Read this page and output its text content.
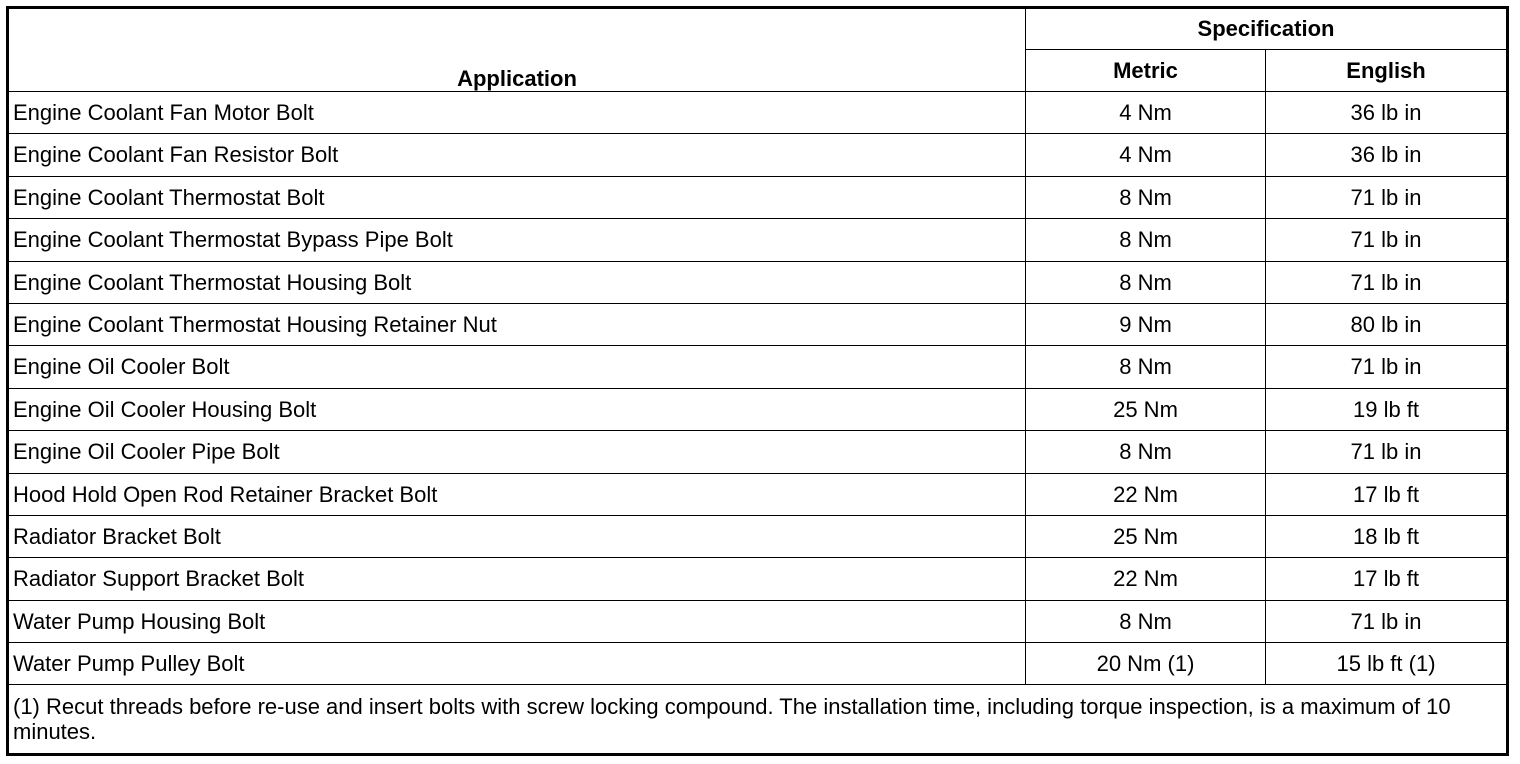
Application	Specification	
	Metric	English
Engine Coolant Fan Motor Bolt	4 Nm	36 lb in
Engine Coolant Fan Resistor Bolt	4 Nm	36 lb in
Engine Coolant Thermostat Bolt	8 Nm	71 lb in
Engine Coolant Thermostat Bypass Pipe Bolt	8 Nm	71 lb in
Engine Coolant Thermostat Housing Bolt	8 Nm	71 lb in
Engine Coolant Thermostat Housing Retainer Nut	9 Nm	80 lb in
Engine Oil Cooler Bolt	8 Nm	71 lb in
Engine Oil Cooler Housing Bolt	25 Nm	19 lb ft
Engine Oil Cooler Pipe Bolt	8 Nm	71 lb in
Hood Hold Open Rod Retainer Bracket Bolt	22 Nm	17 lb ft
Radiator Bracket Bolt	25 Nm	18 lb ft
Radiator Support Bracket Bolt	22 Nm	17 lb ft
Water Pump Housing Bolt	8 Nm	71 lb in
Water Pump Pulley Bolt	20 Nm (1)	15 lb ft (1)
(1) Recut threads before re-use and insert bolts with screw locking compound. The installation time, including torque inspection, is a maximum of 10 minutes.		
